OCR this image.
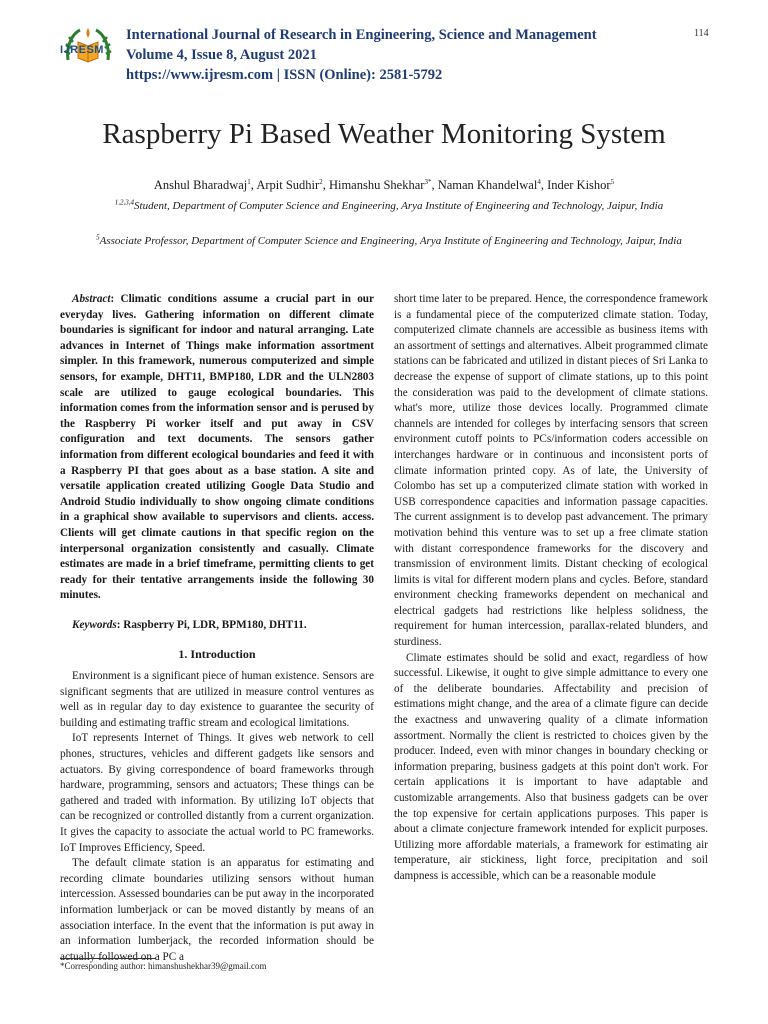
IJRESM
International Journal of Research in Engineering, Science and Management
Volume 4, Issue 8, August 2021
https://www.ijresm.com | ISSN (Online): 2581-5792
114
Raspberry Pi Based Weather Monitoring System
Anshul Bharadwaj$^1$, Arpit Sudhir$^2$, Himanshu Shekhar$^{3*}$, Naman Khandelwal$^4$, Inder Kishor$^5$
$^{1,2,3,4}$Student, Department of Computer Science and Engineering, Arya Institute of Engineering and Technology, Jaipur, India
$^5$Associate Professor, Department of Computer Science and Engineering, Arya Institute of Engineering and Technology, Jaipur, India

Abstract: Climatic conditions assume a crucial part in our everyday lives. Gathering information on different climate boundaries is significant for indoor and natural arranging. Late advances in Internet of Things make information assortment simpler. In this framework, numerous computerized and simple sensors, for example, DHT11, BMP180, LDR and the ULN2803 scale are utilized to gauge ecological boundaries. This information comes from the information sensor and is perused by the Raspberry Pi worker itself and put away in CSV configuration and text documents. The sensors gather information from different ecological boundaries and feed it with a Raspberry PI that goes about as a base station. A site and versatile application created utilizing Google Data Studio and Android Studio individually to show ongoing climate conditions in a graphical show available to supervisors and clients. access. Clients will get climate cautions in that specific region on the interpersonal organization consistently and casually. Climate estimates are made in a brief timeframe, permitting clients to get ready for their tentative arrangements inside the following 30 minutes.

Keywords: Raspberry Pi, LDR, BPM180, DHT11.

1. Introduction

Environment is a significant piece of human existence. Sensors are significant segments that are utilized in measure control ventures as well as in regular day to day existence to guarantee the security of building and estimating traffic stream and ecological limitations.

IoT represents Internet of Things. It gives web network to cell phones, structures, vehicles and different gadgets like sensors and actuators. By giving correspondence of board frameworks through hardware, programming, sensors and actuators; These things can be gathered and traded with information. By utilizing IoT objects that can be recognized or controlled distantly from a current organization. It gives the capacity to associate the actual world to PC frameworks. IoT Improves Efficiency, Speed.

The default climate station is an apparatus for estimating and recording climate boundaries utilizing sensors without human intercession. Assessed boundaries can be put away in the incorporated information lumberjack or can be moved distantly by means of an association interface. In the event that the information is put away in an information lumberjack, the recorded information should be actually followed on a PC a

short time later to be prepared. Hence, the correspondence framework is a fundamental piece of the computerized climate station. Today, computerized climate channels are accessible as business items with an assortment of settings and alternatives. Albeit programmed climate stations can be fabricated and utilized in distant pieces of Sri Lanka to decrease the expense of support of climate stations, up to this point the consideration was paid to the development of climate stations. what's more, utilize those devices locally. Programmed climate channels are intended for colleges by interfacing sensors that screen environment cutoff points to PCs/information coders accessible on interchanges hardware or in continuous and inconsistent ports of climate information printed copy. As of late, the University of Colombo has set up a computerized climate station with worked in USB correspondence capacities and information passage capacities. The current assignment is to develop past advancement. The primary motivation behind this venture was to set up a free climate station with distant correspondence frameworks for the discovery and transmission of environment limits. Distant checking of ecological limits is vital for different modern plans and cycles. Before, standard environment checking frameworks dependent on mechanical and electrical gadgets had restrictions like helpless solidness, the requirement for human intercession, parallax-related blunders, and sturdiness.

Climate estimates should be solid and exact, regardless of how successful. Likewise, it ought to give simple admittance to every one of the deliberate boundaries. Affectability and precision of estimations might change, and the area of a climate figure can decide the exactness and unwavering quality of a climate information assortment. Normally the client is restricted to choices given by the producer. Indeed, even with minor changes in boundary checking or information preparing, business gadgets at this point don't work. For certain applications it is important to have adaptable and customizable arrangements. Also that business gadgets can be over the top expensive for certain applications purposes. This paper is about a climate conjecture framework intended for explicit purposes. Utilizing more affordable materials, a framework for estimating air temperature, air stickiness, light force, precipitation and soil dampness is accessible, which can be a reasonable module

*Corresponding author: himanshushekhar39@gmail.com
